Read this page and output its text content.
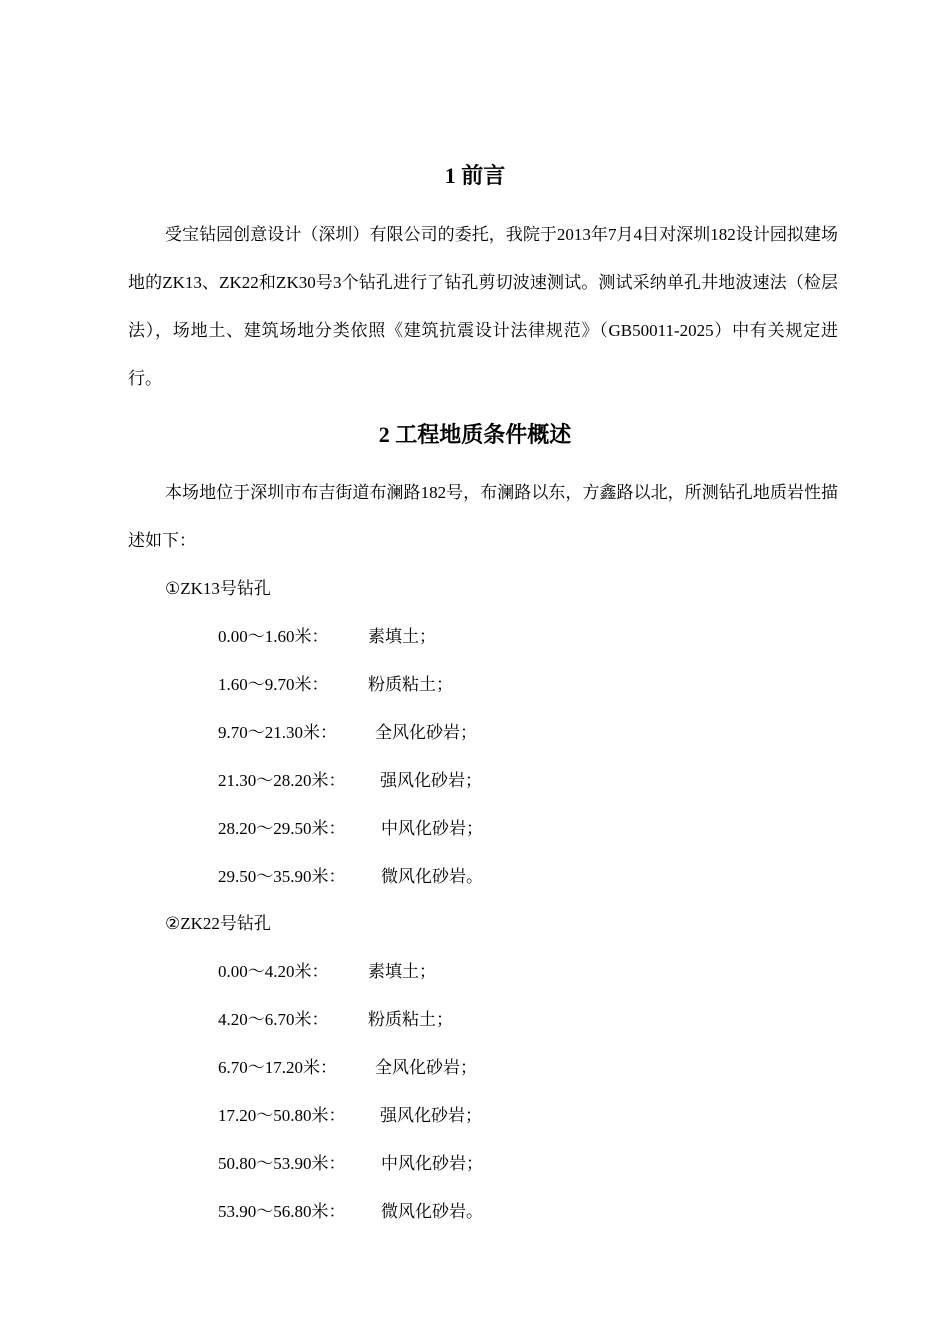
1 前言
受宝钻园创意设计（深圳）有限公司的委托，我院于2013年7月4日对深圳182设计园拟建场地的ZK13、ZK22和ZK30号3个钻孔进行了钻孔剪切波速测试。测试采纳单孔井地波速法（检层法），场地土、建筑场地分类依照《建筑抗震设计法律规范》（GB50011-2025）中有关规定进行。
2 工程地质条件概述
本场地位于深圳市布吉街道布澜路182号，布澜路以东，方鑫路以北，所测钻孔地质岩性描述如下：
①ZK13号钻孔
0.00～1.60米： 素填土；
1.60～9.70米： 粉质粘土；
9.70～21.30米： 全风化砂岩；
21.30～28.20米： 强风化砂岩；
28.20～29.50米： 中风化砂岩；
29.50～35.90米： 微风化砂岩。
②ZK22号钻孔
0.00～4.20米： 素填土；
4.20～6.70米： 粉质粘土；
6.70～17.20米： 全风化砂岩；
17.20～50.80米： 强风化砂岩；
50.80～53.90米： 中风化砂岩；
53.90～56.80米： 微风化砂岩。
